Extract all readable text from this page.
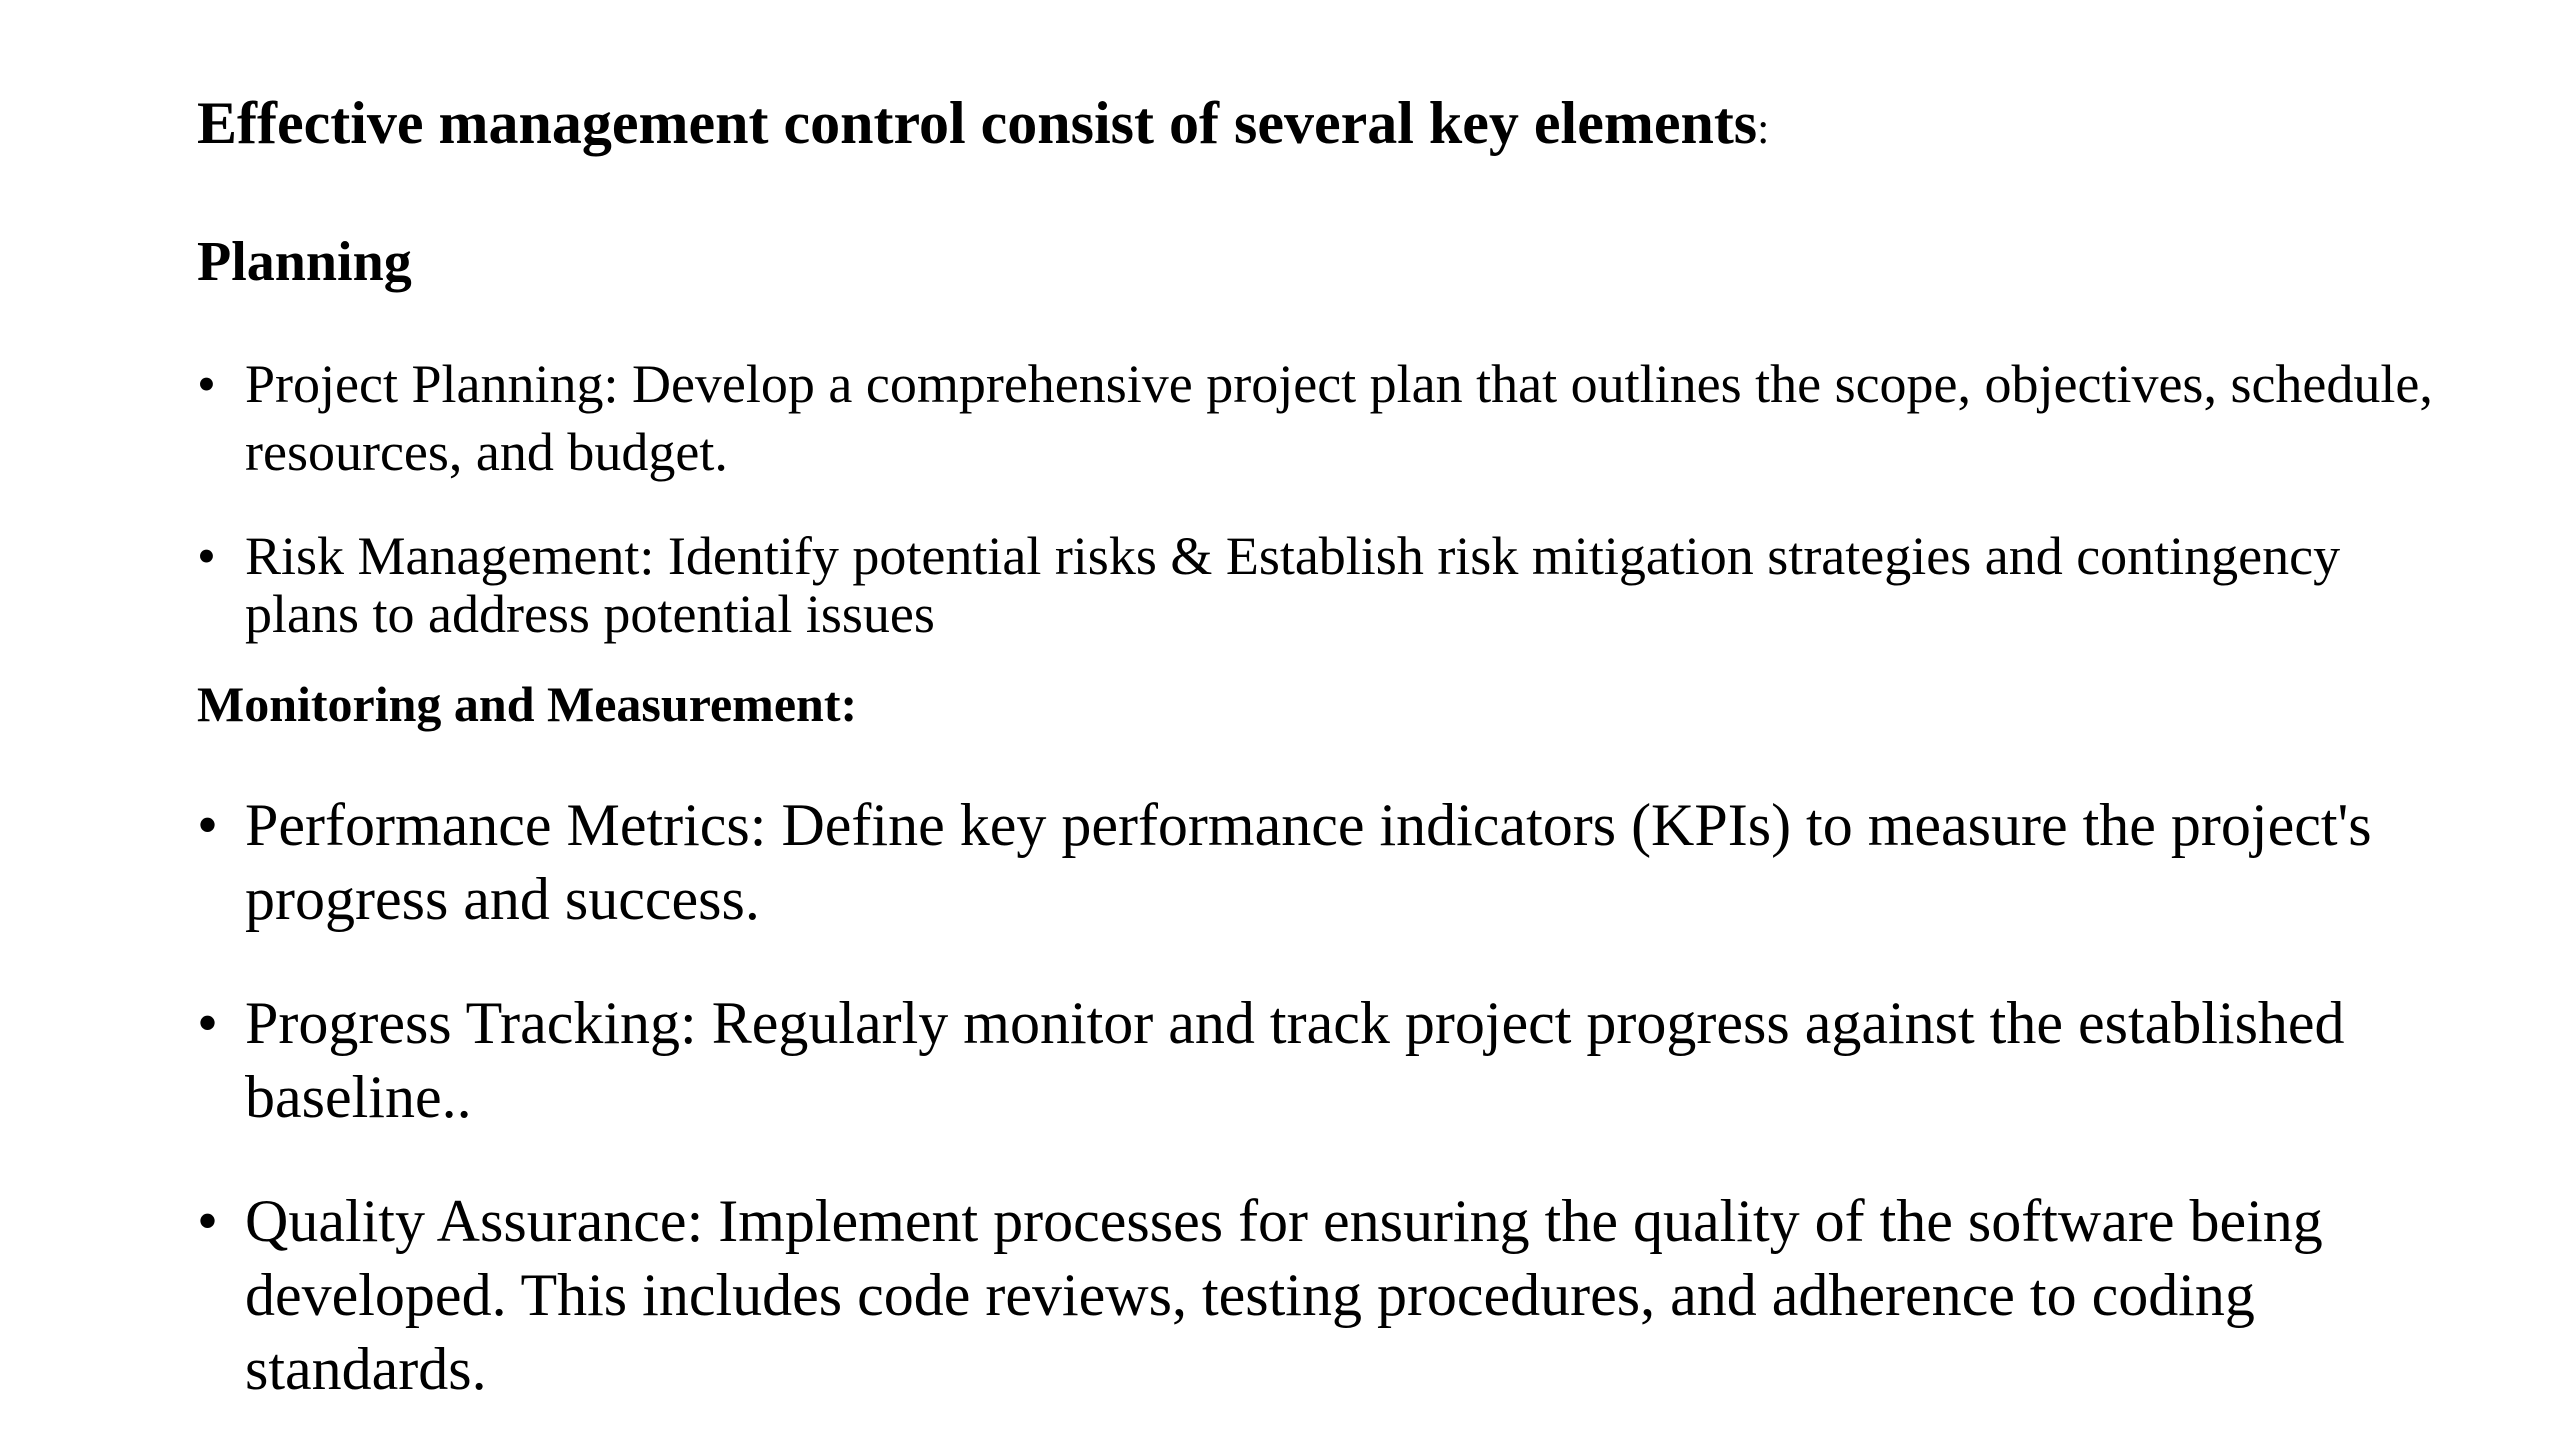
Effective management control consist of several key elements:
Planning

• Project Planning: Develop a comprehensive project plan that outlines the scope, objectives, schedule, resources, and budget.

• Risk Management: Identify potential risks & Establish risk mitigation strategies and contingency plans to address potential issues

Monitoring and Measurement:

• Performance Metrics: Define key performance indicators (KPIs) to measure the project's progress and success.

• Progress Tracking: Regularly monitor and track project progress against the established baseline..

• Quality Assurance: Implement processes for ensuring the quality of the software being developed. This includes code reviews, testing procedures, and adherence to coding standards.
